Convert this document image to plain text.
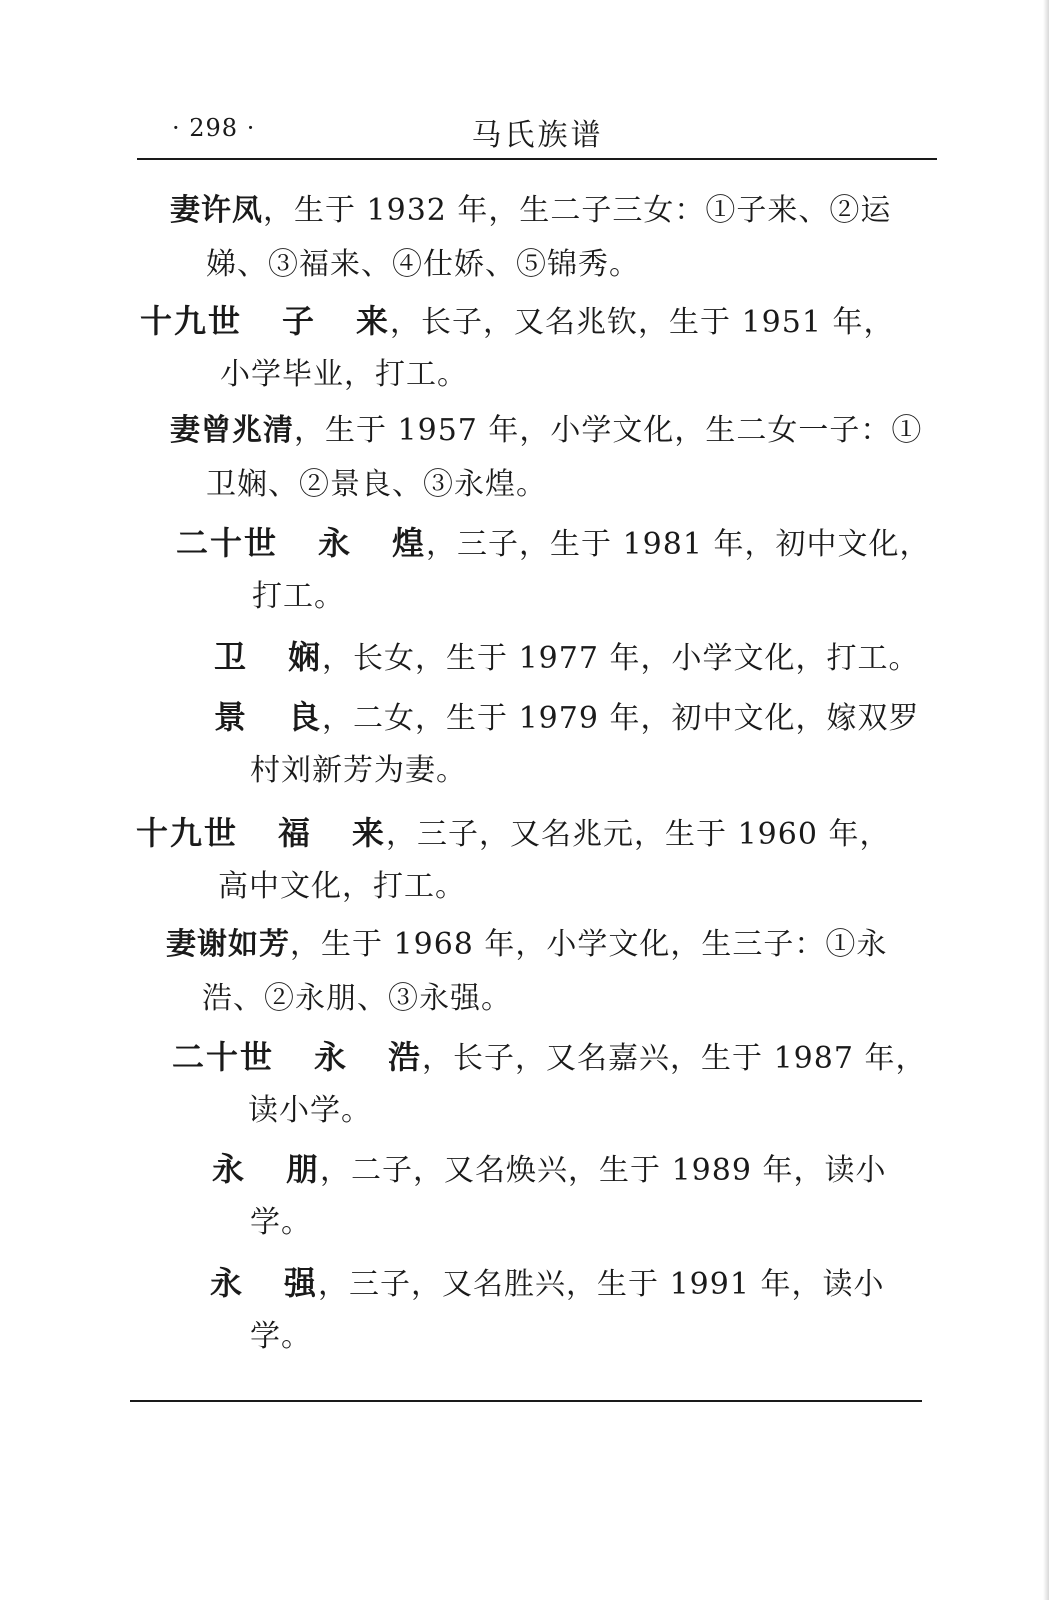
· 298 ·	马氏族谱
妻许凤，生于 1932 年，生二子三女：①子来、②运
娣、③福来、④仕娇、⑤锦秀。
十九世 子 来，长子，又名兆钦，生于 1951 年，
小学毕业，打工。
妻曾兆清，生于 1957 年，小学文化，生二女一子：①
卫娴、②景良、③永煌。
二十世 永 煌，三子，生于 1981 年，初中文化，
打工。
卫 娴，长女，生于 1977 年，小学文化，打工。
景 良，二女，生于 1979 年，初中文化，嫁双罗
村刘新芳为妻。
十九世 福 来，三子，又名兆元，生于 1960 年，
高中文化，打工。
妻谢如芳，生于 1968 年，小学文化，生三子：①永
浩、②永朋、③永强。
二十世 永 浩，长子，又名嘉兴，生于 1987 年，
读小学。
永 朋，二子，又名焕兴，生于 1989 年，读小
学。
永 强，三子，又名胜兴，生于 1991 年，读小
学。
